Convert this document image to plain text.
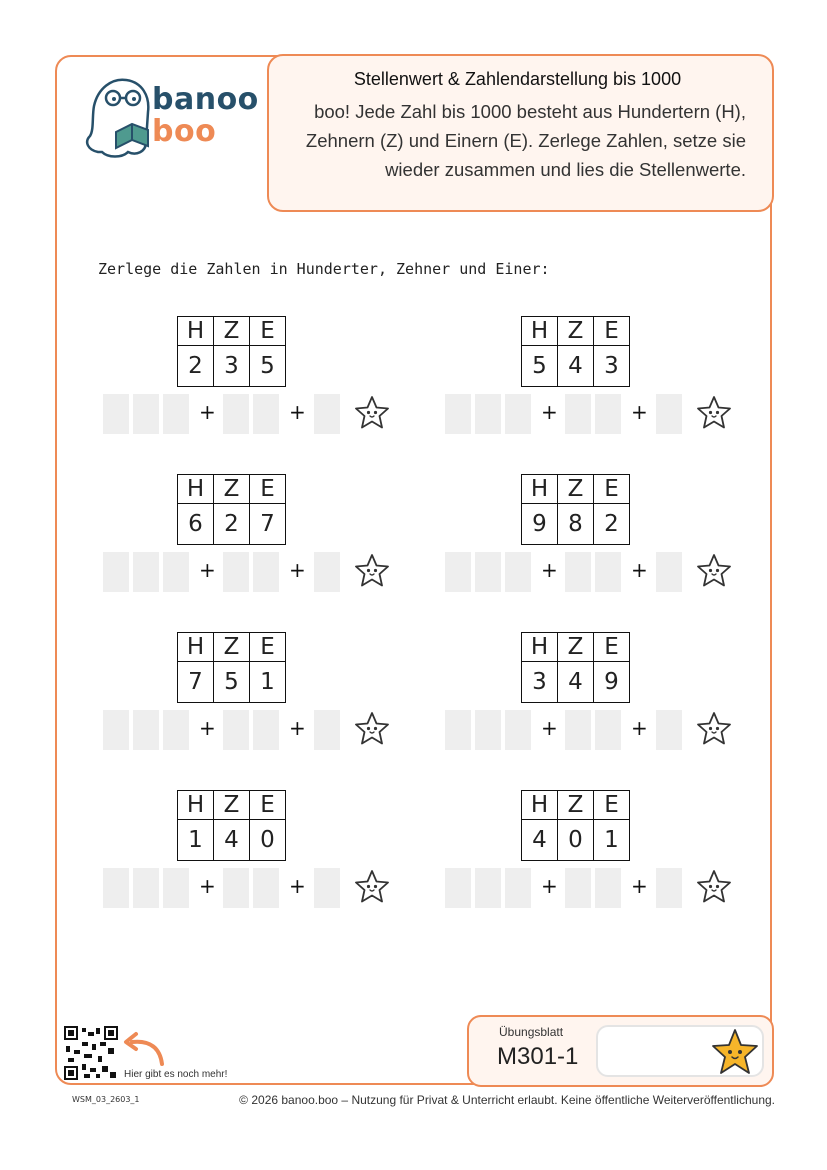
banoo
boo
Stellenwert & Zahlendarstellung bis 1000
boo! Jede Zahl bis 1000 besteht aus Hundertern (H), Zehnern (Z) und Einern (E). Zerlege Zahlen, setze sie wieder zusammen und lies die Stellenwerte.
Zerlege die Zahlen in Hunderter, Zehner und Einer:
H	Z	E
2	3	5
+	+
H	Z	E
5	4	3
+	+
H	Z	E
6	2	7
+	+
H	Z	E
9	8	2
+	+
H	Z	E
7	5	1
+	+
H	Z	E
3	4	9
+	+
H	Z	E
1	4	0
+	+
H	Z	E
4	0	1
+	+
Hier gibt es noch mehr!
Übungsblatt
M301-1
WSM_03_2603_1	© 2026 banoo.boo – Nutzung für Privat & Unterricht erlaubt. Keine öffentliche Weiterveröffentlichung.
